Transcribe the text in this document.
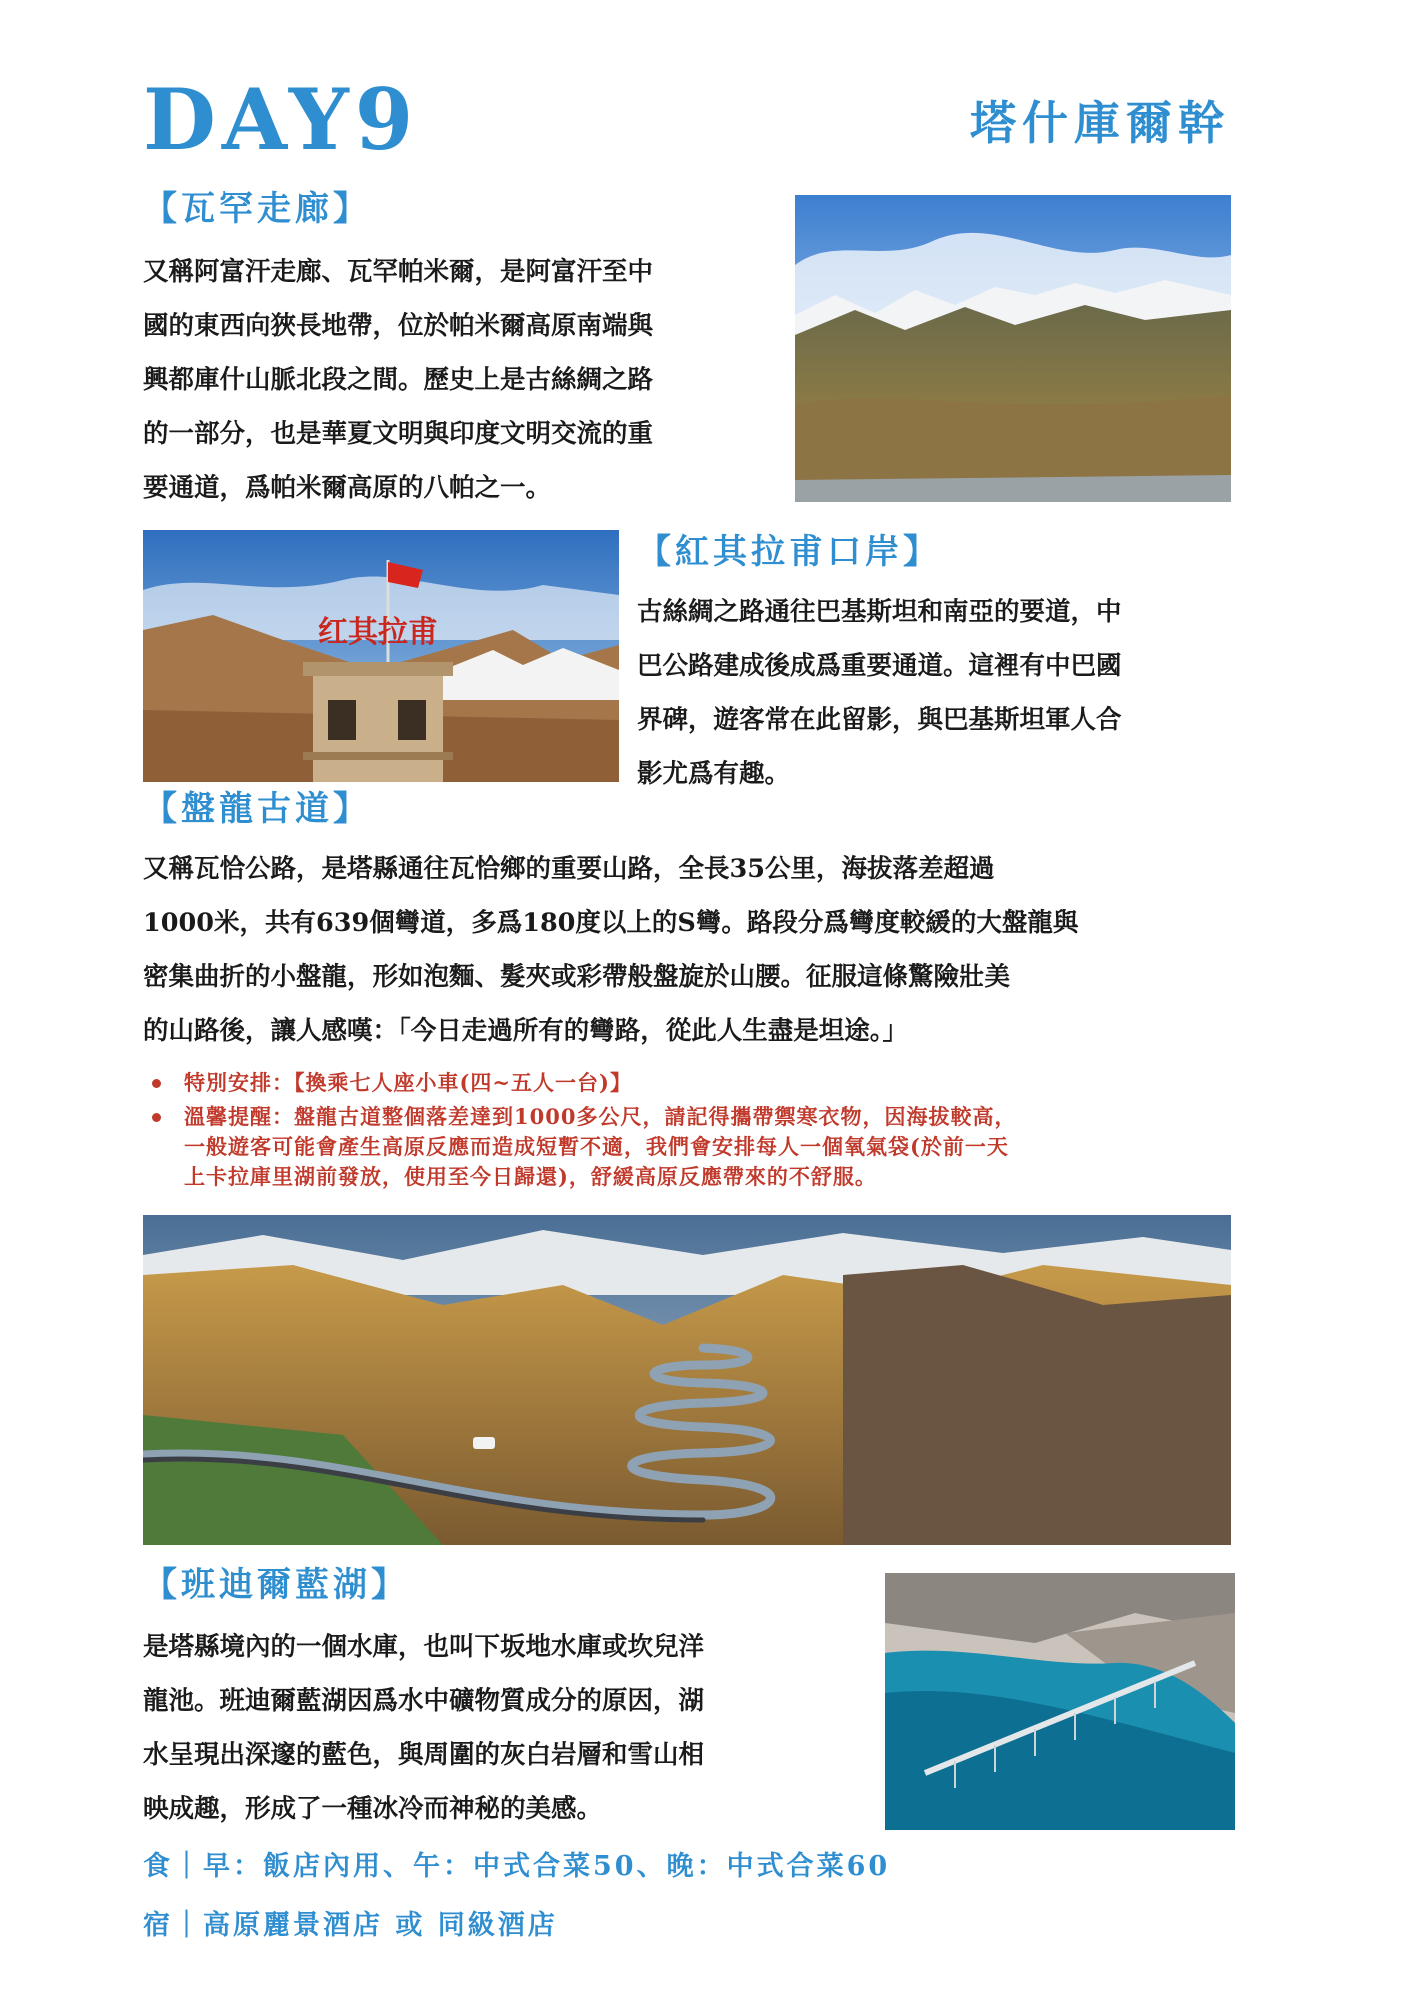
DAY9	塔什庫爾幹
【瓦罕走廊】

又稱阿富汗走廊、瓦罕帕米爾，是阿富汗至中

國的東西向狹長地帶，位於帕米爾高原南端與

興都庫什山脈北段之間。歷史上是古絲綢之路

的一部分，也是華夏文明與印度文明交流的重

要通道，爲帕米爾高原的八帕之一。

红其拉甫
【紅其拉甫口岸】

古絲綢之路通往巴基斯坦和南亞的要道，中

巴公路建成後成爲重要通道。這裡有中巴國

界碑，遊客常在此留影，與巴基斯坦軍人合

影尤爲有趣。

【盤龍古道】

又稱瓦恰公路，是塔縣通往瓦恰鄉的重要山路，全長35公里，海拔落差超過

1000米，共有639個彎道，多爲180度以上的S彎。路段分爲彎度較緩的大盤龍與

密集曲折的小盤龍，形如泡麵、髮夾或彩帶般盤旋於山腰。征服這條驚險壯美

的山路後，讓人感嘆：「今日走過所有的彎路，從此人生盡是坦途。」

特別安排：【換乘七人座小車(四~五人一台)】
溫馨提醒：盤龍古道整個落差達到1000多公尺，請記得攜帶禦寒衣物，因海拔較高，
一般遊客可能會產生高原反應而造成短暫不適，我們會安排每人一個氧氣袋(於前一天
上卡拉庫里湖前發放，使用至今日歸還)，舒緩高原反應帶來的不舒服。
【班迪爾藍湖】

是塔縣境內的一個水庫，也叫下坂地水庫或坎兒洋

龍池。班迪爾藍湖因爲水中礦物質成分的原因，湖

水呈現出深邃的藍色，與周圍的灰白岩層和雪山相

映成趣，形成了一種冰冷而神秘的美感。

食｜早：飯店內用、午：中式合菜50、晚：中式合菜60
宿｜高原麗景酒店 或 同級酒店
